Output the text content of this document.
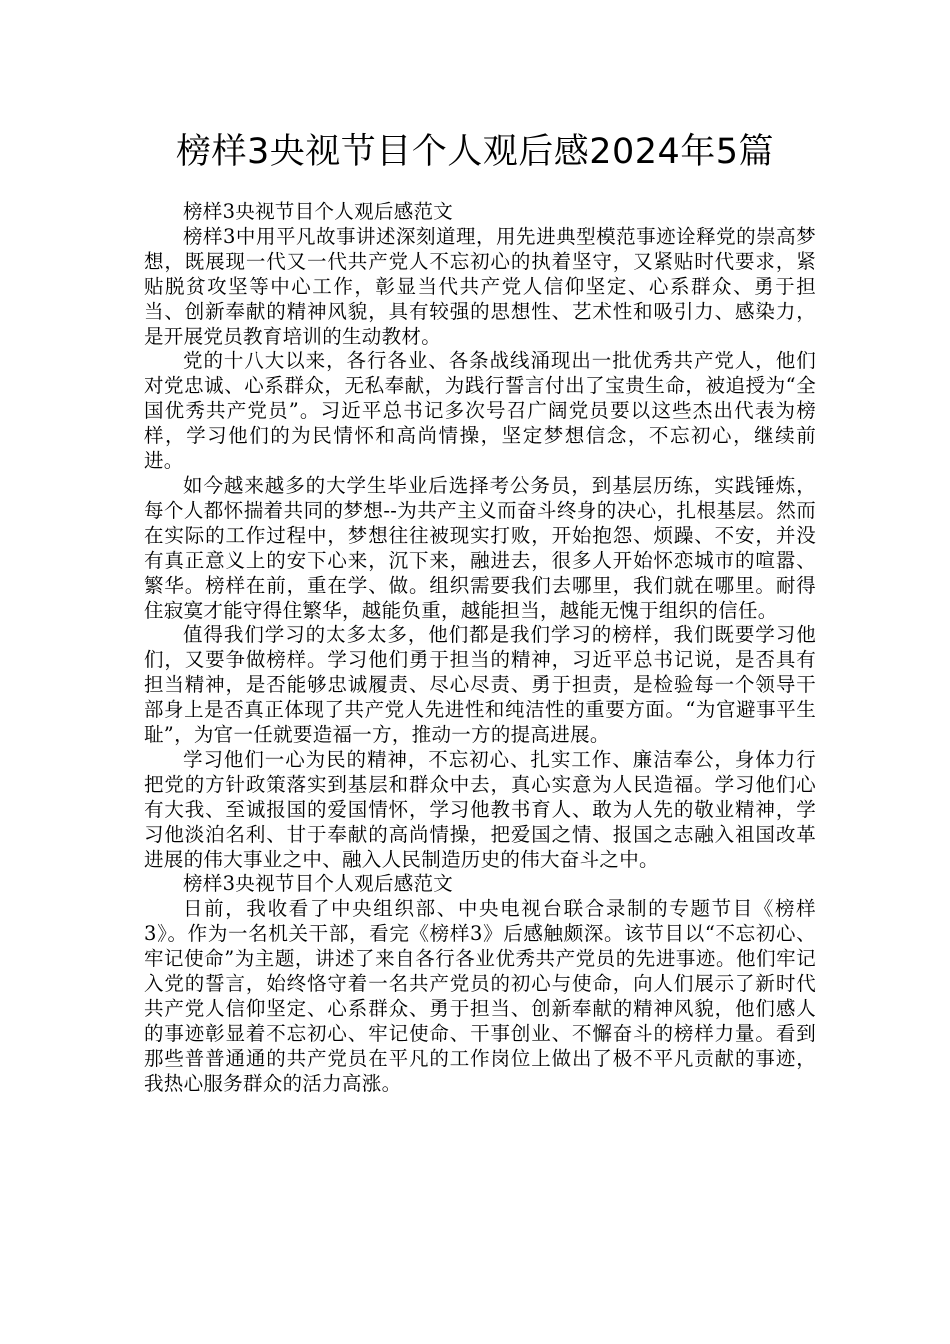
榜样3央视节目个人观后感2024年5篇

榜样3央视节目个人观后感范文

榜样3中用平凡故事讲述深刻道理，用先进典型模范事迹诠释党的崇高梦想，既展现一代又一代共产党人不忘初心的执着坚守，又紧贴时代要求，紧贴脱贫攻坚等中心工作，彰显当代共产党人信仰坚定、心系群众、勇于担当、创新奉献的精神风貌，具有较强的思想性、艺术性和吸引力、感染力，是开展党员教育培训的生动教材。

党的十八大以来，各行各业、各条战线涌现出一批优秀共产党人，他们对党忠诚、心系群众，无私奉献，为践行誓言付出了宝贵生命，被追授为“全国优秀共产党员”。习近平总书记多次号召广阔党员要以这些杰出代表为榜样，学习他们的为民情怀和高尚情操，坚定梦想信念，不忘初心，继续前进。

如今越来越多的大学生毕业后选择考公务员，到基层历练，实践锤炼，每个人都怀揣着共同的梦想--为共产主义而奋斗终身的决心，扎根基层。然而在实际的工作过程中，梦想往往被现实打败，开始抱怨、烦躁、不安，并没有真正意义上的安下心来，沉下来，融进去，很多人开始怀恋城市的喧嚣、繁华。榜样在前，重在学、做。组织需要我们去哪里，我们就在哪里。耐得住寂寞才能守得住繁华，越能负重，越能担当，越能无愧于组织的信任。

值得我们学习的太多太多，他们都是我们学习的榜样，我们既要学习他们，又要争做榜样。学习他们勇于担当的精神，习近平总书记说，是否具有担当精神，是否能够忠诚履责、尽心尽责、勇于担责，是检验每一个领导干部身上是否真正体现了共产党人先进性和纯洁性的重要方面。“为官避事平生耻”，为官一任就要造福一方，推动一方的提高进展。

学习他们一心为民的精神，不忘初心、扎实工作、廉洁奉公，身体力行把党的方针政策落实到基层和群众中去，真心实意为人民造福。学习他们心有大我、至诚报国的爱国情怀，学习他教书育人、敢为人先的敬业精神，学习他淡泊名利、甘于奉献的高尚情操，把爱国之情、报国之志融入祖国改革进展的伟大事业之中、融入人民制造历史的伟大奋斗之中。

榜样3央视节目个人观后感范文

日前，我收看了中央组织部、中央电视台联合录制的专题节目《榜样3》。作为一名机关干部，看完《榜样3》后感触颇深。该节目以“不忘初心、牢记使命”为主题，讲述了来自各行各业优秀共产党员的先进事迹。他们牢记入党的誓言，始终恪守着一名共产党员的初心与使命，向人们展示了新时代共产党人信仰坚定、心系群众、勇于担当、创新奉献的精神风貌，他们感人的事迹彰显着不忘初心、牢记使命、干事创业、不懈奋斗的榜样力量。看到那些普普通通的共产党员在平凡的工作岗位上做出了极不平凡贡献的事迹，我热心服务群众的活力高涨。
